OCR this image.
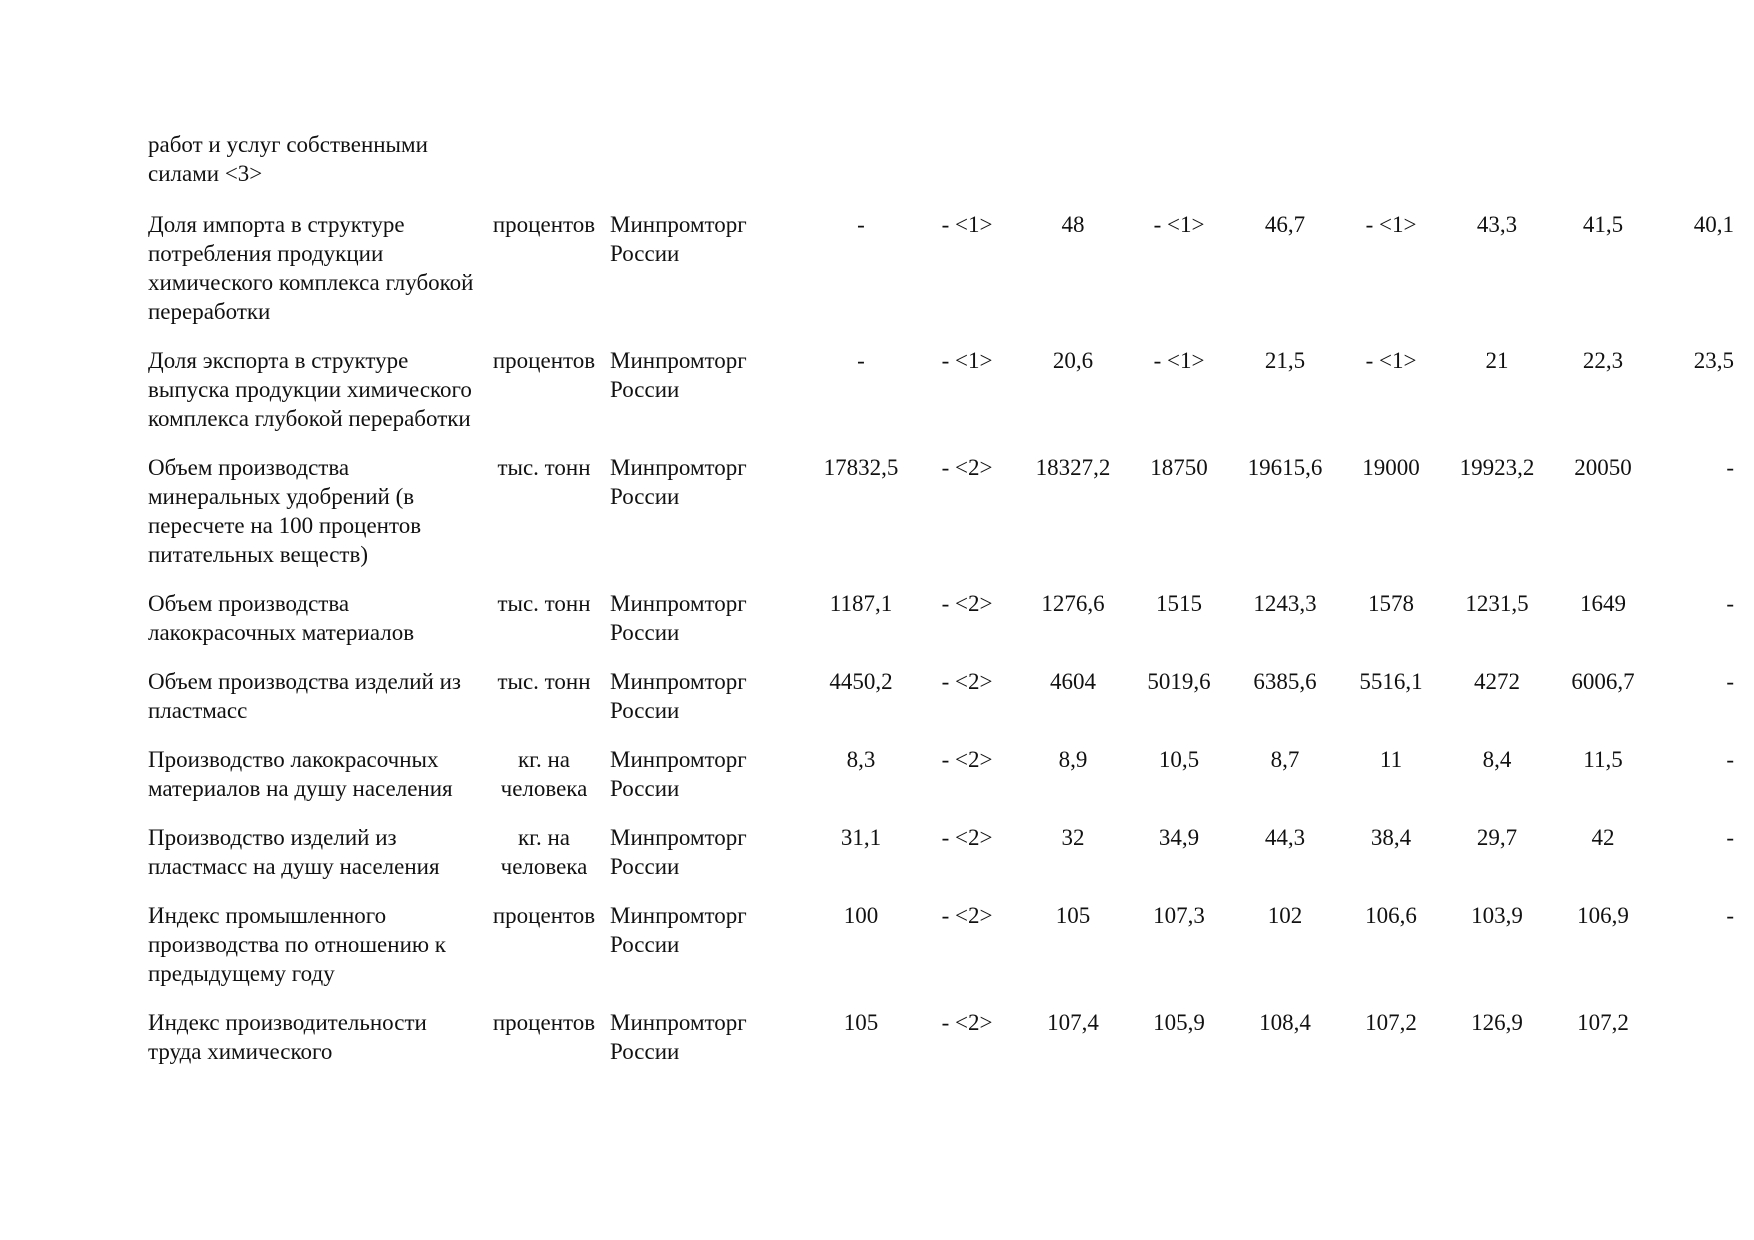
работ и услуг собственными силами <3>											
Доля импорта в структуре потребления продукции химического комплекса глубокой переработки	процентов	Минпромторг России	-	- <1>	48	- <1>	46,7	- <1>	43,3	41,5	40,1
Доля экспорта в структуре выпуска продукции химического комплекса глубокой переработки	процентов	Минпромторг России	-	- <1>	20,6	- <1>	21,5	- <1>	21	22,3	23,5
Объем производства минеральных удобрений (в пересчете на 100 процентов питательных веществ)	тыс. тонн	Минпромторг России	17832,5	- <2>	18327,2	18750	19615,6	19000	19923,2	20050	-
Объем производства лакокрасочных материалов	тыс. тонн	Минпромторг России	1187,1	- <2>	1276,6	1515	1243,3	1578	1231,5	1649	-
Объем производства изделий из пластмасс	тыс. тонн	Минпромторг России	4450,2	- <2>	4604	5019,6	6385,6	5516,1	4272	6006,7	-
Производство лакокрасочных материалов на душу населения	кг. на человека	Минпромторг России	8,3	- <2>	8,9	10,5	8,7	11	8,4	11,5	-
Производство изделий из пластмасс на душу населения	кг. на человека	Минпромторг России	31,1	- <2>	32	34,9	44,3	38,4	29,7	42	-
Индекс промышленного производства по отношению к предыдущему году	процентов	Минпромторг России	100	- <2>	105	107,3	102	106,6	103,9	106,9	-
Индекс производительности труда химического	процентов	Минпромторг России	105	- <2>	107,4	105,9	108,4	107,2	126,9	107,2	
